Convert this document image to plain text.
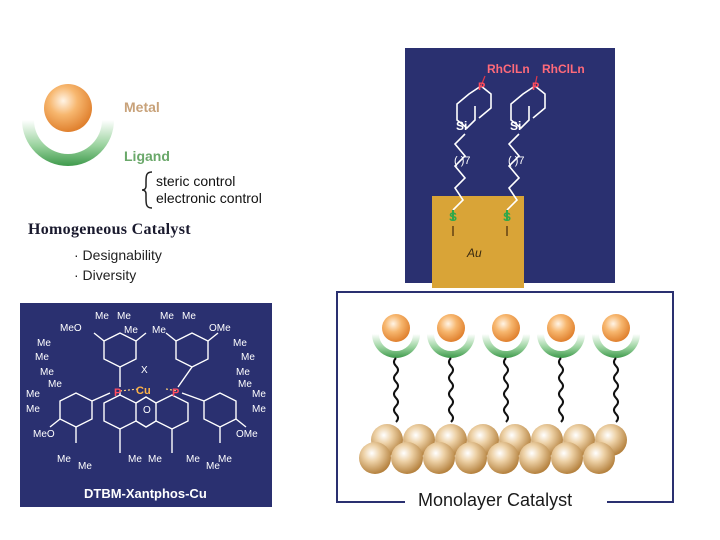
Metal
Ligand
steric control
electronic control
Homogeneous Catalyst
· Designability
· Diversity
RhClLn RhClLn
P	P
Si	Si
( )7	( )7
S	S
Au
Me Me	Me Me
MeO	Me Me	OMe
Me	Me
Me	Me
X
Me	Me
Me	Me
P Cu P
Me	Me
Me	Me
O
MeO	OMe
Me	Me Me Me Me
Me	Me
DTBM-Xantphos-Cu	Monolayer Catalyst
